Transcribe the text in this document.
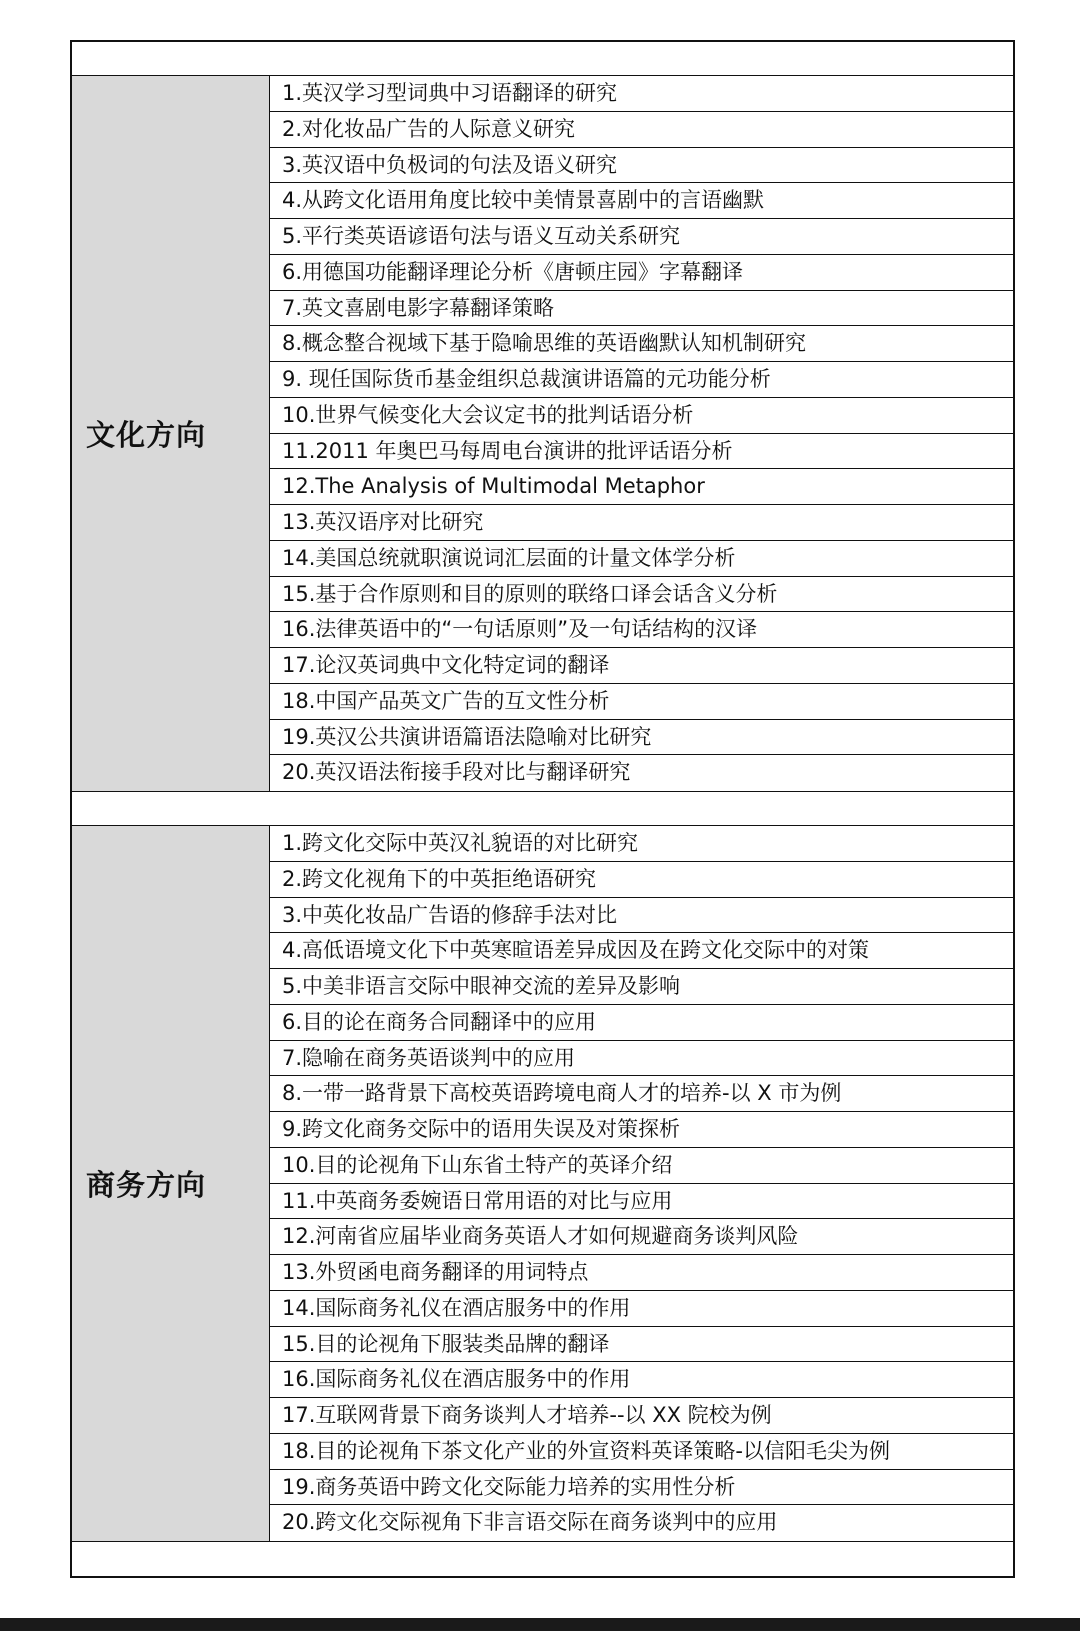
文化方向
1.英汉学习型词典中习语翻译的研究
2.对化妆品广告的人际意义研究
3.英汉语中负极词的句法及语义研究
4.从跨文化语用角度比较中美情景喜剧中的言语幽默
5.平行类英语谚语句法与语义互动关系研究
6.用德国功能翻译理论分析《唐顿庄园》字幕翻译
7.英文喜剧电影字幕翻译策略
8.概念整合视域下基于隐喻思维的英语幽默认知机制研究
9. 现任国际货币基金组织总裁演讲语篇的元功能分析
10.世界气候变化大会议定书的批判话语分析
11.2011 年奥巴马每周电台演讲的批评话语分析
12.The Analysis of Multimodal Metaphor
13.英汉语序对比研究
14.美国总统就职演说词汇层面的计量文体学分析
15.基于合作原则和目的原则的联络口译会话含义分析
16.法律英语中的“一句话原则”及一句话结构的汉译
17.论汉英词典中文化特定词的翻译
18.中国产品英文广告的互文性分析
19.英汉公共演讲语篇语法隐喻对比研究
20.英汉语法衔接手段对比与翻译研究
商务方向
1.跨文化交际中英汉礼貌语的对比研究
2.跨文化视角下的中英拒绝语研究
3.中英化妆品广告语的修辞手法对比
4.高低语境文化下中英寒暄语差异成因及在跨文化交际中的对策
5.中美非语言交际中眼神交流的差异及影响
6.目的论在商务合同翻译中的应用
7.隐喻在商务英语谈判中的应用
8.一带一路背景下高校英语跨境电商人才的培养-以 X 市为例
9.跨文化商务交际中的语用失误及对策探析
10.目的论视角下山东省土特产的英译介绍
11.中英商务委婉语日常用语的对比与应用
12.河南省应届毕业商务英语人才如何规避商务谈判风险
13.外贸函电商务翻译的用词特点
14.国际商务礼仪在酒店服务中的作用
15.目的论视角下服装类品牌的翻译
16.国际商务礼仪在酒店服务中的作用
17.互联网背景下商务谈判人才培养--以 XX 院校为例
18.目的论视角下茶文化产业的外宣资料英译策略-以信阳毛尖为例
19.商务英语中跨文化交际能力培养的实用性分析
20.跨文化交际视角下非言语交际在商务谈判中的应用
